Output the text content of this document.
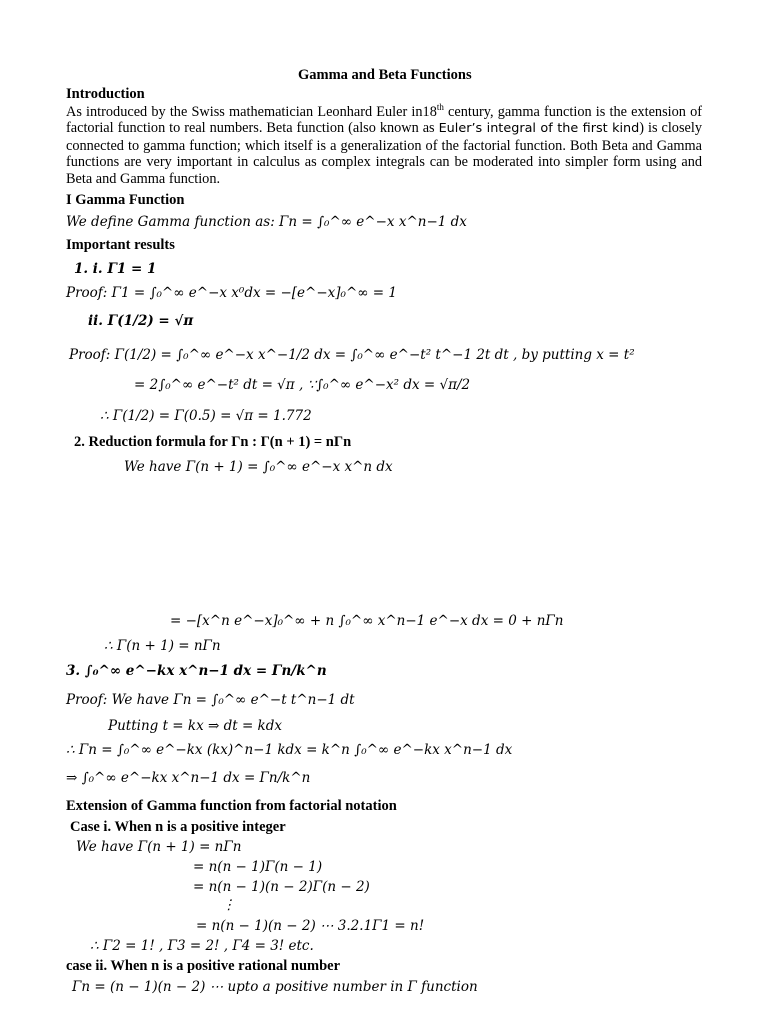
Gamma and Beta Functions
Introduction
As introduced by the Swiss mathematician Leonhard Euler in18th century, gamma function is the extension of factorial function to real numbers. Beta function (also known as Euler’s integral of the first kind) is closely connected to gamma function; which itself is a generalization of the factorial function. Both Beta and Gamma functions are very important in calculus as complex integrals can be moderated into simpler form using and Beta and Gamma function.
I Gamma Function
We define Gamma function as: Γn = ∫₀^∞ e^−x x^n−1 dx
Important results
1. i. Γ1 = 1
Proof: Γ1 = ∫₀^∞ e^−x x⁰dx = −[e^−x]₀^∞ = 1
ii. Γ(1/2) = √π
Proof: Γ(1/2) = ∫₀^∞ e^−x x^−1/2 dx = ∫₀^∞ e^−t² t^−1 2t dt , by putting x = t²
= 2∫₀^∞ e^−t² dt = √π , ∵∫₀^∞ e^−x² dx = √π/2
∴ Γ(1/2) = Γ(0.5) = √π = 1.772
2. Reduction formula for Γn : Γ(n + 1) = nΓn
We have Γ(n + 1) = ∫₀^∞ e^−x x^n dx
= −[x^n e^−x]₀^∞ + n ∫₀^∞ x^n−1 e^−x dx = 0 + nΓn
∴ Γ(n + 1) = nΓn
3. ∫₀^∞ e^−kx x^n−1 dx = Γn/k^n
Proof: We have Γn = ∫₀^∞ e^−t t^n−1 dt
Putting t = kx ⇒ dt = kdx
∴ Γn = ∫₀^∞ e^−kx (kx)^n−1 kdx = k^n ∫₀^∞ e^−kx x^n−1 dx
⇒ ∫₀^∞ e^−kx x^n−1 dx = Γn/k^n
Extension of Gamma function from factorial notation
Case i. When n is a positive integer
We have Γ(n + 1) = nΓn
= n(n − 1)Γ(n − 1)
= n(n − 1)(n − 2)Γ(n − 2)
⋮
= n(n − 1)(n − 2) ⋯ 3.2.1Γ1 = n!
∴ Γ2 = 1! , Γ3 = 2! , Γ4 = 3! etc.
case ii. When n is a positive rational number
Γn = (n − 1)(n − 2) ⋯ upto a positive number in Γ function
